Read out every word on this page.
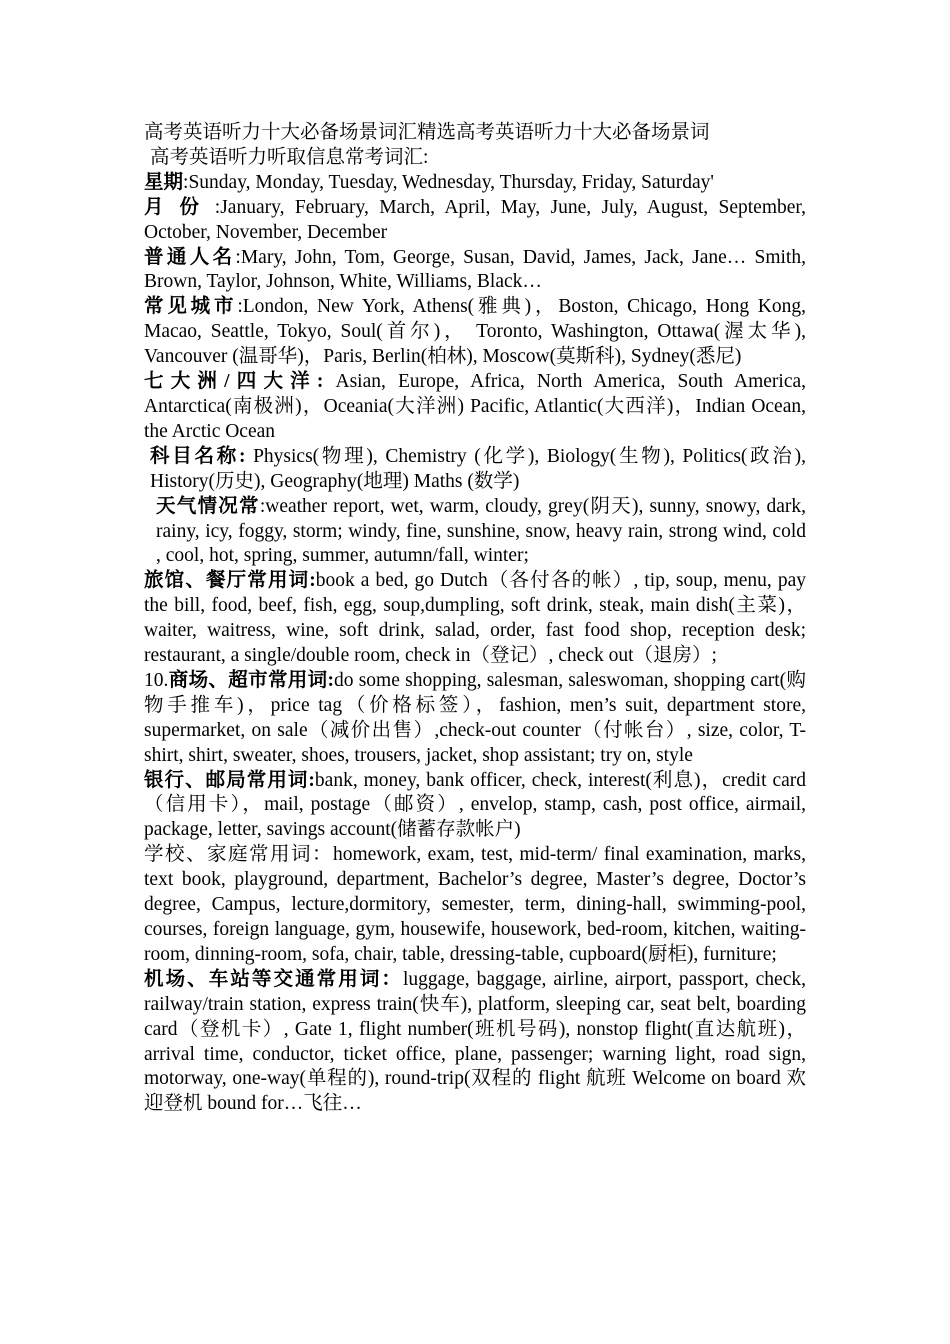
高考英语听力十大必备场景词汇精选高考英语听力十大必备场景词

高考英语听力听取信息常考词汇:

星期:Sunday, Monday, Tuesday, Wednesday, Thursday, Friday, Saturday'

月 份 :January, February, March, April, May, June, July, August, September, October, November, December

普通人名:Mary, John, Tom, George, Susan, David, James, Jack, Jane… Smith, Brown, Taylor, Johnson, White, Williams, Black…

常见城市:London, New York, Athens(雅典)，Boston, Chicago, Hong Kong, Macao, Seattle, Tokyo, Soul(首尔)， Toronto, Washington, Ottawa(渥太华), Vancouver (温哥华)，Paris, Berlin(柏林), Moscow(莫斯科), Sydney(悉尼)

七大洲/四大洋: Asian, Europe, Africa, North America, South America, Antarctica(南极洲)，Oceania(大洋洲) Pacific, Atlantic(大西洋)，Indian Ocean, the Arctic Ocean

科目名称: Physics(物理), Chemistry (化学), Biology(生物), Politics(政治), History(历史), Geography(地理) Maths (数学)

天气情况常:weather report, wet, warm, cloudy, grey(阴天), sunny, snowy, dark, rainy, icy, foggy, storm; windy, fine, sunshine, snow, heavy rain, strong wind, cold , cool, hot, spring, summer, autumn/fall, winter;

旅馆、餐厅常用词:book a bed, go Dutch（各付各的帐）, tip, soup, menu, pay the bill, food, beef, fish, egg, soup,dumpling, soft drink, steak, main dish(主菜)，waiter, waitress, wine, soft drink, salad, order, fast food shop, reception desk; restaurant, a single/double room, check in（登记）, check out（退房）;

10.商场、超市常用词:do some shopping, salesman, saleswoman, shopping cart(购物手推车)，price tag（价格标签），fashion, men’s suit, department store, supermarket, on sale（减价出售）,check-out counter（付帐台）, size, color, T-shirt, shirt, sweater, shoes, trousers, jacket, shop assistant; try on, style

银行、邮局常用词:bank, money, bank officer, check, interest(利息)，credit card（信用卡），mail, postage（邮资）, envelop, stamp, cash, post office, airmail, package, letter, savings account(储蓄存款帐户)

学校、家庭常用词：homework, exam, test, mid-term/ final examination, marks, text book, playground, department, Bachelor’s degree, Master’s degree, Doctor’s degree, Campus, lecture,dormitory, semester, term, dining-hall, swimming-pool, courses, foreign language, gym, housewife, housework, bed-room, kitchen, waiting-room, dinning-room, sofa, chair, table, dressing-table, cupboard(厨柜), furniture;

机场、车站等交通常用词：luggage, baggage, airline, airport, passport, check, railway/train station, express train(快车), platform, sleeping car, seat belt, boarding card（登机卡）, Gate 1, flight number(班机号码), nonstop flight(直达航班)， arrival time, conductor, ticket office, plane, passenger; warning light, road sign, motorway, one-way(单程的), round-trip(双程的 flight 航班 Welcome on board 欢迎登机 bound for…飞往…
